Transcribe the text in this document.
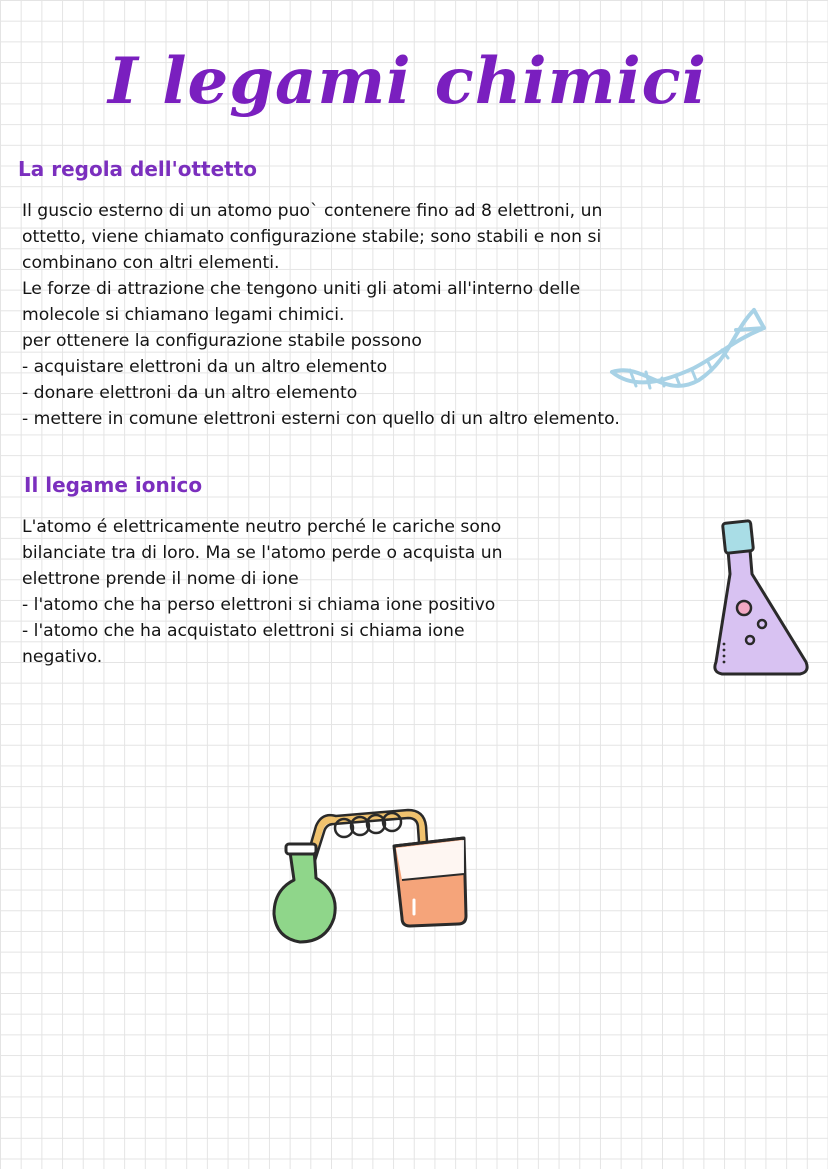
I legami chimici
La regola dell'ottetto

Il guscio esterno di un atomo puo` contenere fino ad 8 elettroni, un
ottetto, viene chiamato configurazione stabile; sono stabili e non si
combinano con altri elementi.
Le forze di attrazione che tengono uniti gli atomi all'interno delle
molecole si chiamano legami chimici.
per ottenere la configurazione stabile possono
- acquistare elettroni da un altro elemento
- donare elettroni da un altro elemento
- mettere in comune elettroni esterni con quello di un altro elemento.

Il legame ionico

L'atomo é elettricamente neutro perché le cariche sono
bilanciate tra di loro. Ma se l'atomo perde o acquista un
elettrone prende il nome di ione
- l'atomo che ha perso elettroni si chiama ione positivo
- l'atomo che ha acquistato elettroni si chiama ione
negativo.
